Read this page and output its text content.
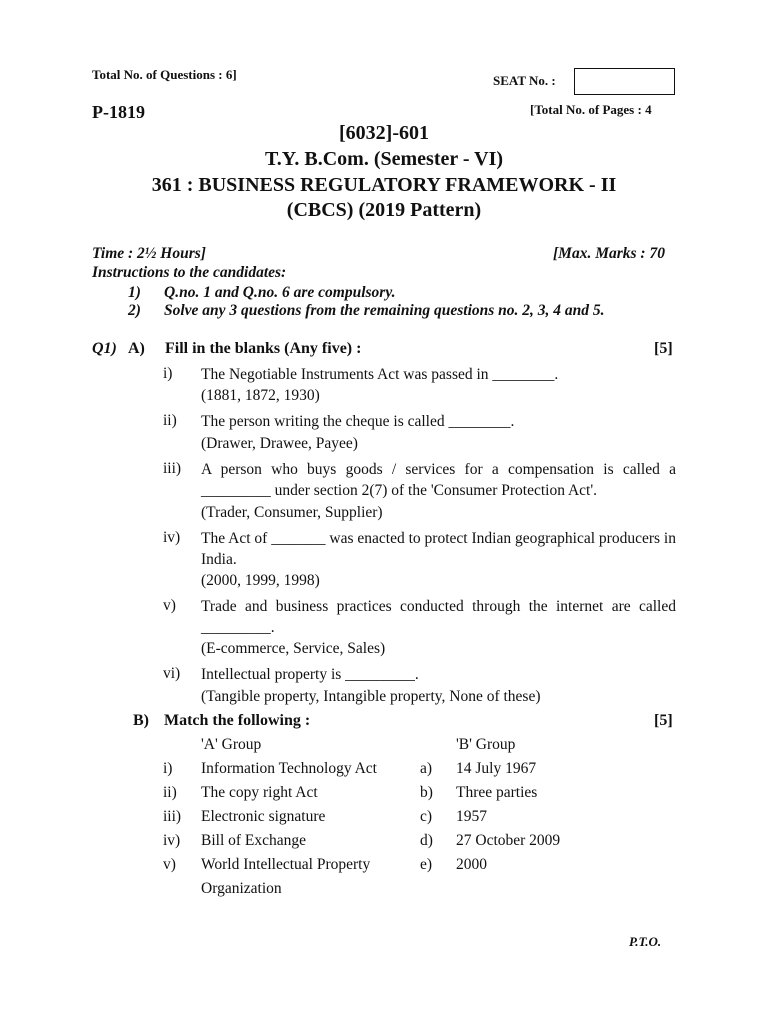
Total No. of Questions : 6]	SEAT No. :
P-1819	[Total No. of Pages : 4
[6032]-601
T.Y. B.Com. (Semester - VI)
361 : BUSINESS REGULATORY FRAMEWORK - II
(CBCS) (2019 Pattern)
Time : 2½ Hours]	[Max. Marks : 70
Instructions to the candidates:
1) Q.no. 1 and Q.no. 6 are compulsory.
2) Solve any 3 questions from the remaining questions no. 2, 3, 4 and 5.
Q1) A) Fill in the blanks (Any five) :	[5]
i) The Negotiable Instruments Act was passed in ________.
(1881, 1872, 1930)
ii) The person writing the cheque is called ________.
(Drawer, Drawee, Payee)
iii) A person who buys goods / services for a compensation is called a _________ under section 2(7) of the 'Consumer Protection Act'.
(Trader, Consumer, Supplier)
iv) The Act of _______ was enacted to protect Indian geographical producers in India.
(2000, 1999, 1998)
v) Trade and business practices conducted through the internet are called _________.
(E-commerce, Service, Sales)
vi) Intellectual property is _________.
(Tangible property, Intangible property, None of these)
B) Match the following :	[5]
'A' Group	'B' Group
i) Information Technology Act	a) 14 July 1967
ii) The copy right Act	b) Three parties
iii) Electronic signature	c) 1957
iv) Bill of Exchange	d) 27 October 2009
v) World Intellectual Property	e) 2000
Organization
P.T.O.
